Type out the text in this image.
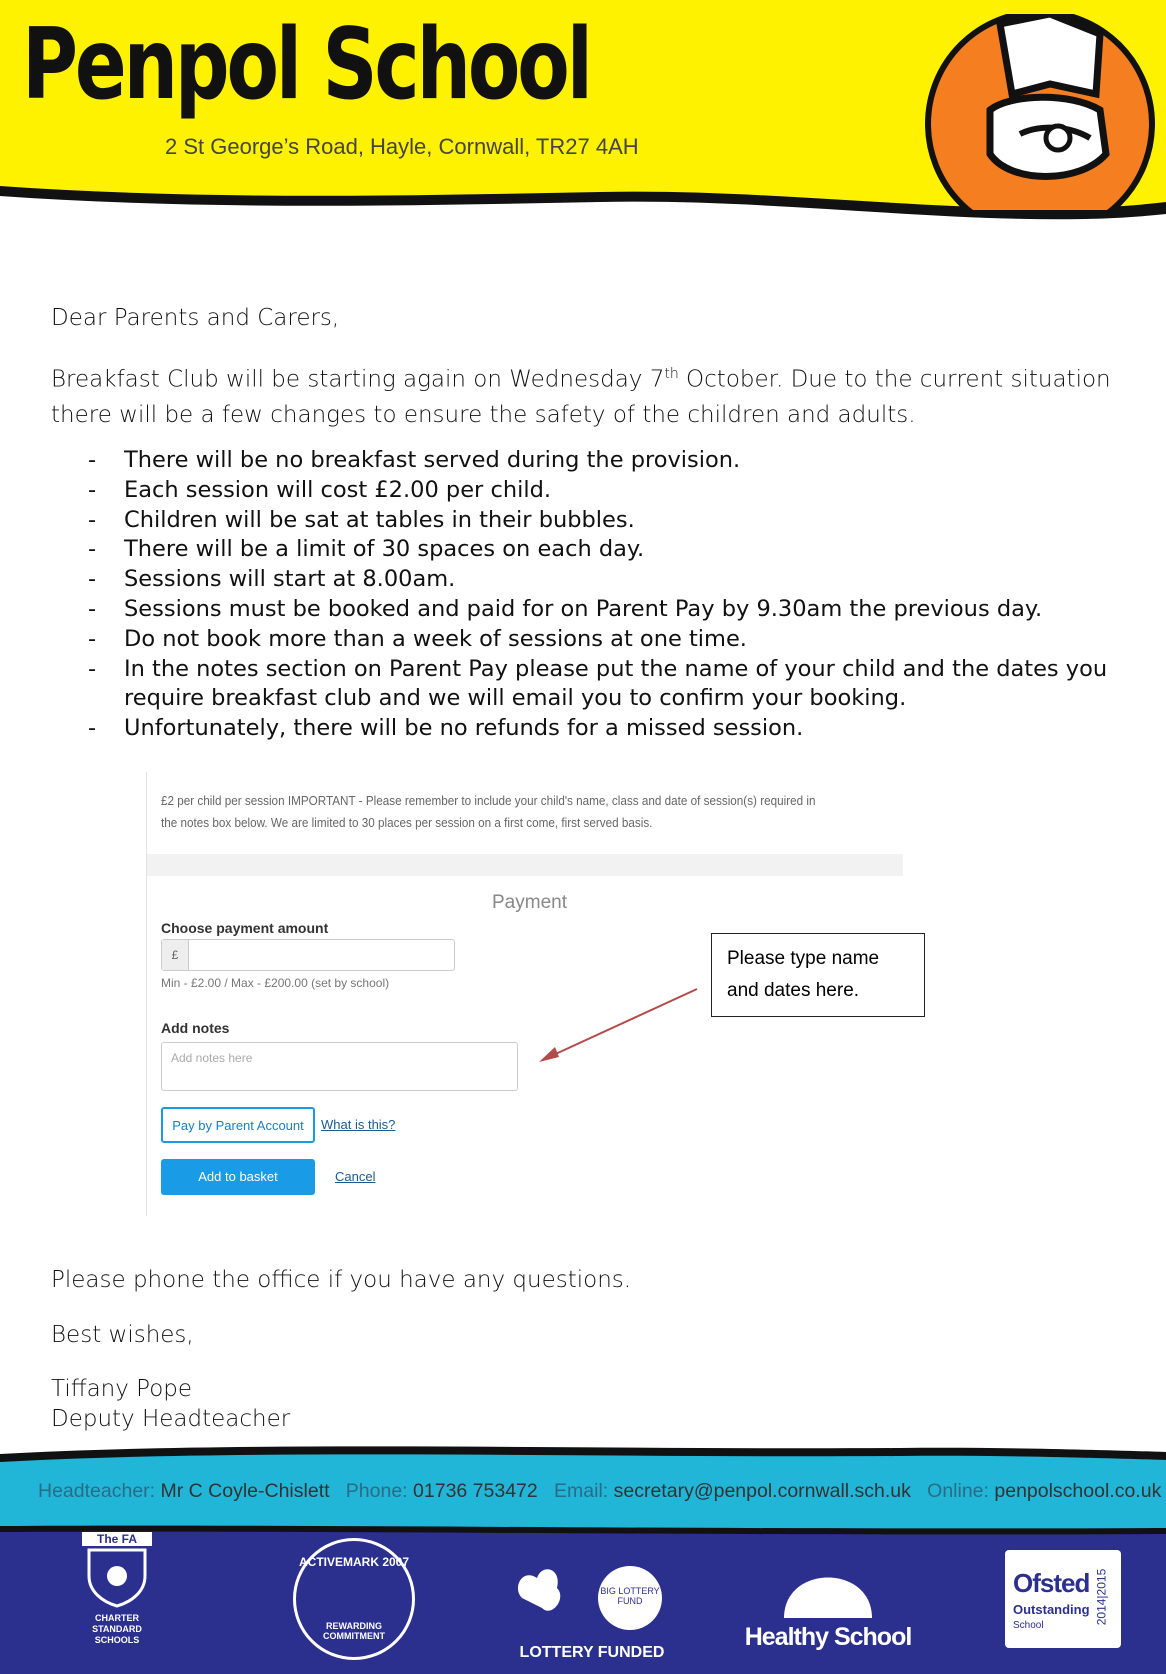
Penpol School
2 St George’s Road, Hayle, Cornwall, TR27 4AH
Dear Parents and Carers,
Breakfast Club will be starting again on Wednesday 7th October. Due to the current situation there will be a few changes to ensure the safety of the children and adults.
- There will be no breakfast served during the provision.
- Each session will cost £2.00 per child.
- Children will be sat at tables in their bubbles.
- There will be a limit of 30 spaces on each day.
- Sessions will start at 8.00am.
- Sessions must be booked and paid for on Parent Pay by 9.30am the previous day.
- Do not book more than a week of sessions at one time.
- In the notes section on Parent Pay please put the name of your child and the dates you require breakfast club and we will email you to confirm your booking.
- Unfortunately, there will be no refunds for a missed session.
£2 per child per session IMPORTANT - Please remember to include your child's name, class and date of session(s) required in the notes box below. We are limited to 30 places per session on a first come, first served basis.
Payment
Choose payment amount
£
Min - £2.00 / Max - £200.00 (set by school)
Add notes
Add notes here
Pay by Parent Account	What is this?
Add to basket	Cancel
Please type name
and dates here.
Please phone the office if you have any questions.
Best wishes,
Tiffany Pope
Deputy Headteacher
Headteacher: Mr C Coyle-Chislett Phone: 01736 753472 Email: secretary@penpol.cornwall.sch.uk Online: penpolschool.co.uk
The FA
CHARTER STANDARD SCHOOLS
ACTIVEMARK 2007
REWARDING COMMITMENT
BIG LOTTERY FUND
LOTTERY FUNDED
Healthy School
Ofsted
Outstanding
School
2014|2015
